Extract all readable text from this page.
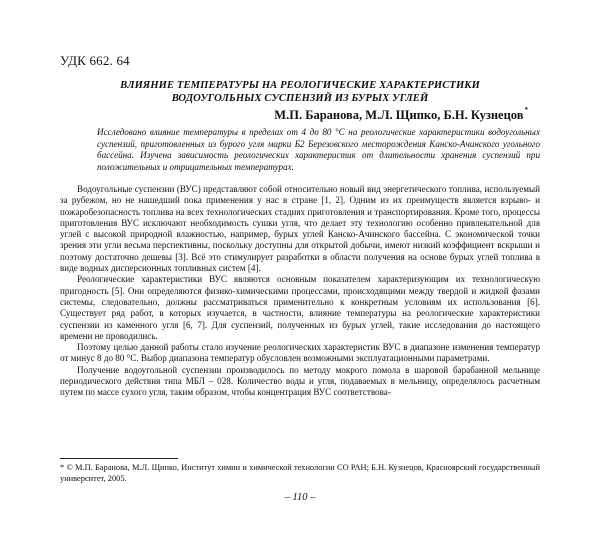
УДК 662. 64
ВЛИЯНИЕ ТЕМПЕРАТУРЫ НА РЕОЛОГИЧЕСКИЕ ХАРАКТЕРИСТИКИ
ВОДОУГОЛЬНЫХ СУСПЕНЗИЙ ИЗ БУРЫХ УГЛЕЙ
М.П. Баранова, М.Л. Щипко, Б.Н. Кузнецов*
Исследовано влияние температуры в пределах от 4 до 80 °С на реологические характеристики водоугольных суспензий, приготовленных из бурого угля марки Б2 Березовского месторождения Канско-Ачинского угольного бассейна. Изучена зависимость реологических характеристик от длительности хранения суспензий при положительных и отрицательных температурах.

Водоугольные суспензии (ВУС) представляют собой относительно новый вид энергетического топлива, используемый за рубежом, но не нашедший пока применения у нас в стране [1, 2]. Одним из их преимуществ является взрыво- и пожаробезопасность топлива на всех технологических стадиях приготовления и транспортирования. Кроме того, процессы приготовления ВУС исключают необходимость сушки угля, что делает эту технологию особенно привлекательной для углей с высокой природной влажностью, например, бурых углей Канско-Ачинского бассейна. С экономической точки зрения эти угли весьма перспективны, поскольку доступны для открытой добычи, имеют низкий коэффициент вскрыши и поэтому достаточно дешевы [3]. Всё это стимулирует разработки в области получения на основе бурых углей топлива в виде водных дисперсионных топливных систем [4].

Реологические характеристики ВУС являются основным показателем характеризующим их технологическую пригодность [5]. Они определяются физико-химическими процессами, происходящими между твердой и жидкой фазами системы, следовательно, должны рассматриваться применительно к конкретным условиям их использования [6]. Существует ряд работ, в которых изучается, в частности, влияние температуры на реологические характеристики суспензии из каменного угля [6, 7]. Для суспензий, полученных из бурых углей, такие исследования до настоящего времени не проводились.

Поэтому целью данной работы стало изучение реологических характеристик ВУС в диапазоне изменения температур от минус 8 до 80 °С. Выбор диапазона температур обусловлен возможными эксплуатационными параметрами.

Получение водоугольной суспензии производилось по методу мокрого помола в шаровой барабанной мельнице периодического действия типа МБЛ – 028. Количество воды и угля, подаваемых в мельницу, определялось расчетным путем по массе сухого угля, таким образом, чтобы концентрация ВУС соответствова-

* © М.П. Баранова, М.Л. Щипко, Институт химии и химической технологии СО РАН; Б.Н. Кузнецов, Красноярский государственный университет, 2005.
– 110 –
